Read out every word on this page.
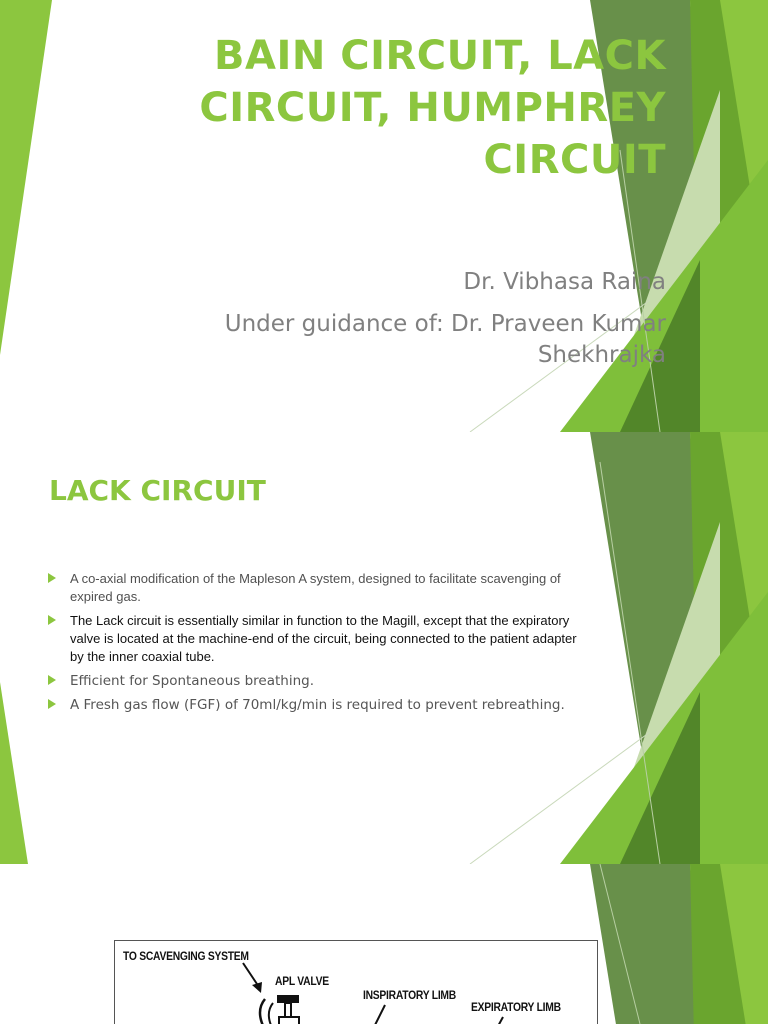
BAIN CIRCUIT, LACK CIRCUIT, HUMPHREY CIRCUIT
Dr. Vibhasa Raina
Under guidance of: Dr. Praveen Kumar
Shekhrajka
LACK CIRCUIT
A co-axial modification of the Mapleson A system, designed to facilitate scavenging of expired gas.
The Lack circuit is essentially similar in function to the Magill, except that the expiratory valve is located at the machine-end of the circuit, being connected to the patient adapter by the inner coaxial tube.
Efficient for Spontaneous breathing.
A Fresh gas flow (FGF) of 70ml/kg/min is required to prevent rebreathing.
TO SCAVENGING SYSTEM
APL VALVE
INSPIRATORY LIMB
EXPIRATORY LIMB
